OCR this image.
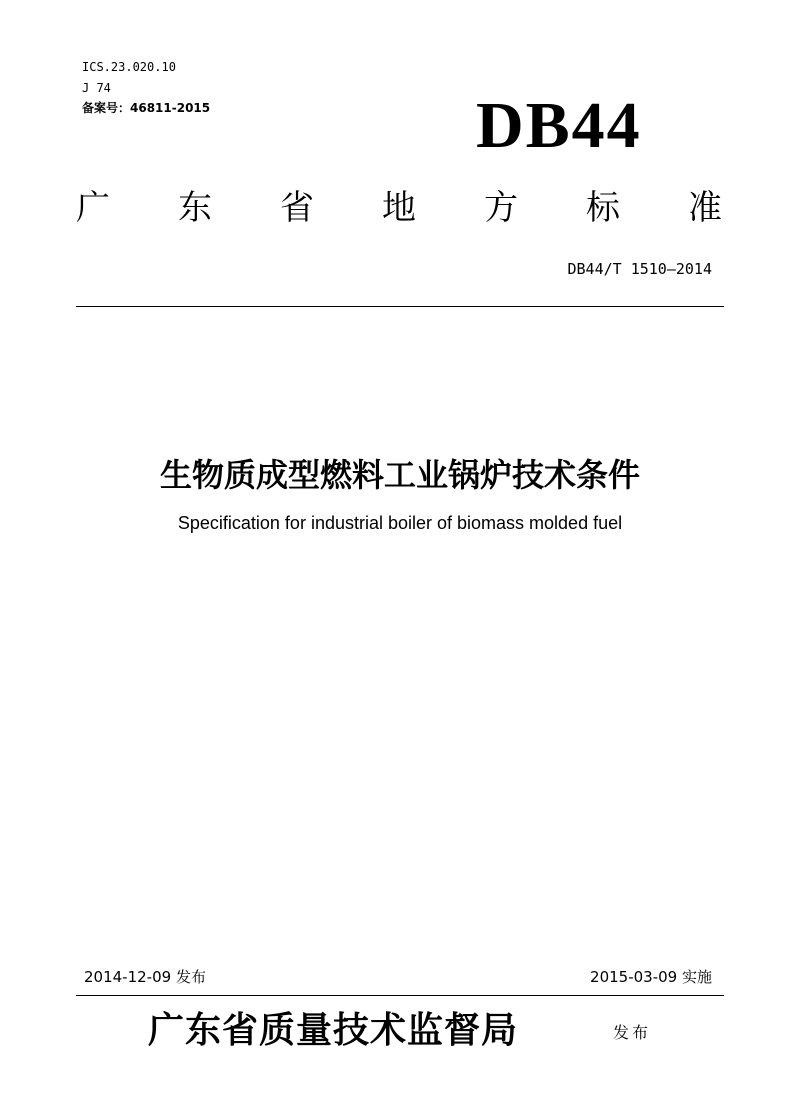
ICS.23.020.10
J 74
备案号：46811-2015	DB44
广 东 省 地 方 标 准
DB44/T 1510—2014
生物质成型燃料工业锅炉技术条件
Specification for industrial boiler of biomass molded fuel
2014-12-09 发布	2015-03-09 实施
广东省质量技术监督局	发布
